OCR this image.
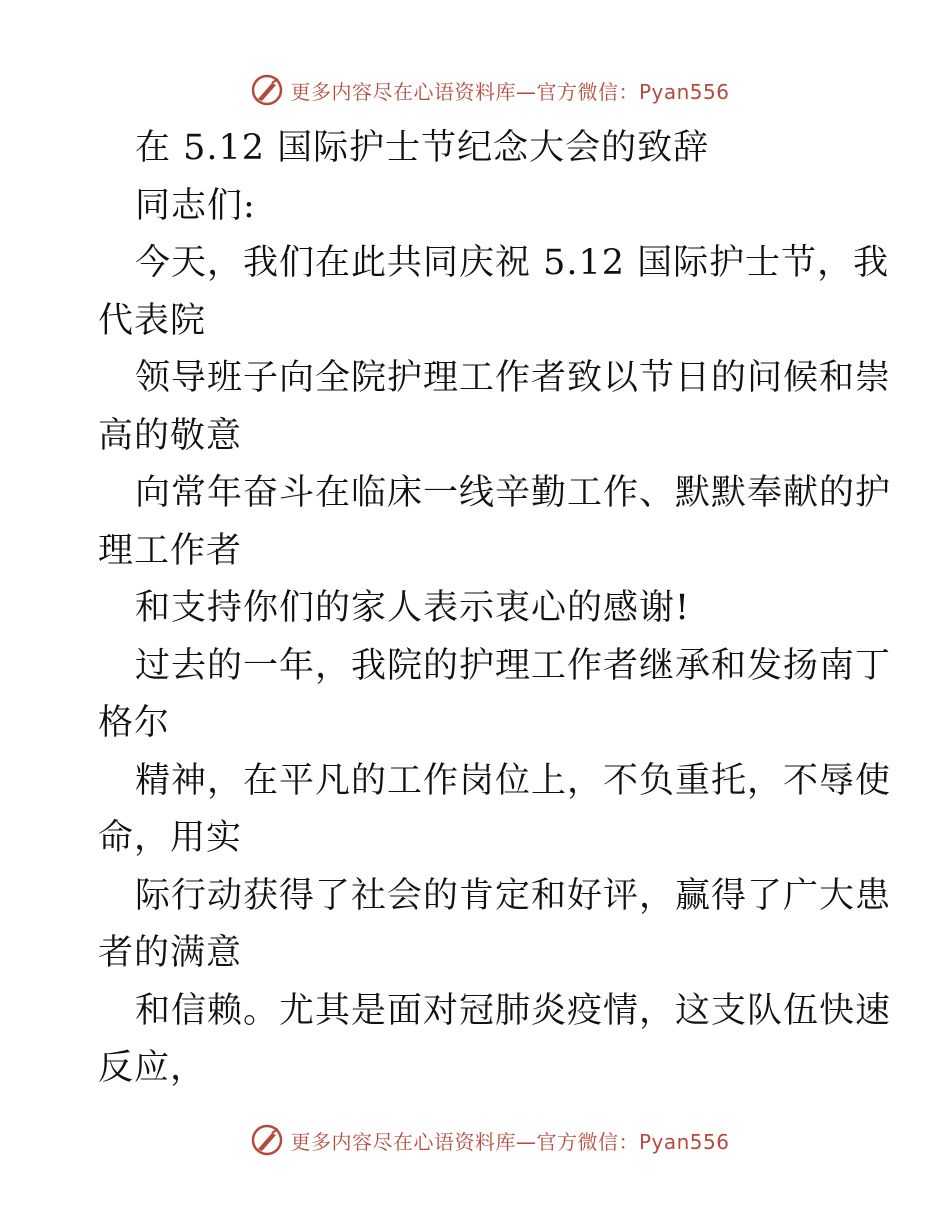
更多内容尽在心语资料库—官方微信：Pyan556
在 5.12 国际护士节纪念大会的致辞
同志们:
今天，我们在此共同庆祝 5.12 国际护士节，我
代表院
领导班子向全院护理工作者致以节日的问候和崇
高的敬意
向常年奋斗在临床一线辛勤工作、默默奉献的护
理工作者
和支持你们的家人表示衷心的感谢!
过去的一年，我院的护理工作者继承和发扬南丁
格尔
精神，在平凡的工作岗位上，不负重托，不辱使
命，用实
际行动获得了社会的肯定和好评，赢得了广大患
者的满意
和信赖。尤其是面对冠肺炎疫情，这支队伍快速
反应，
更多内容尽在心语资料库—官方微信：Pyan556
